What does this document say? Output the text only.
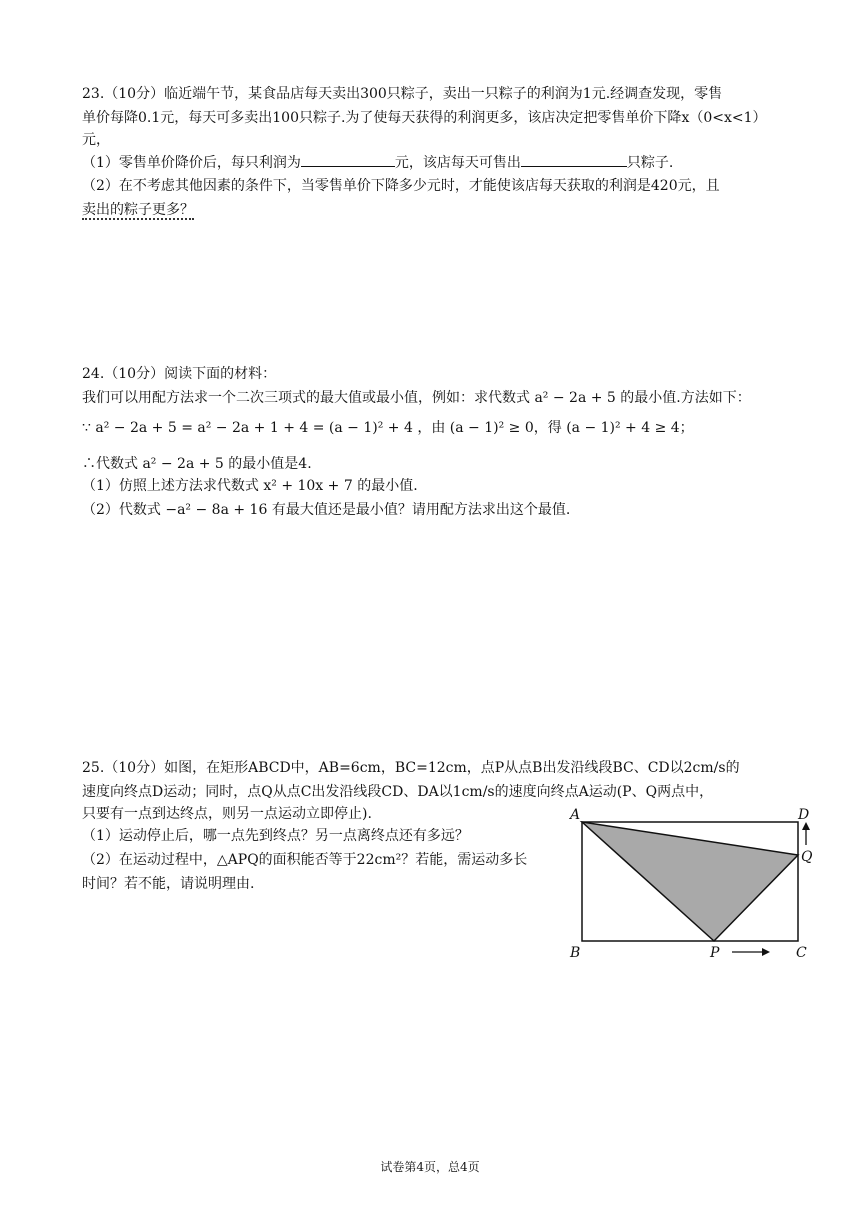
23.（10分）临近端午节，某食品店每天卖出300只粽子，卖出一只粽子的利润为1元.经调查发现，零售
单价每降0.1元，每天可多卖出100只粽子.为了使每天获得的利润更多，该店决定把零售单价下降x（0<x<1）
元，
（1）零售单价降价后，每只利润为	元，该店每天可售出	只粽子.
（2）在不考虑其他因素的条件下，当零售单价下降多少元时，才能使该店每天获取的利润是420元，且
卖出的粽子更多？
24.（10分）阅读下面的材料：
我们可以用配方法求一个二次三项式的最大值或最小值，例如：求代数式 a² − 2a + 5 的最小值.方法如下：
∵ a² − 2a + 5 = a² − 2a + 1 + 4 = (a − 1)² + 4 ，由 (a − 1)² ≥ 0，得 (a − 1)² + 4 ≥ 4；
∴代数式 a² − 2a + 5 的最小值是4.
（1）仿照上述方法求代数式 x² + 10x + 7 的最小值.
（2）代数式 −a² − 8a + 16 有最大值还是最小值？请用配方法求出这个最值.
25.（10分）如图，在矩形ABCD中，AB=6cm，BC=12cm，点P从点B出发沿线段BC、CD以2cm/s的
速度向终点D运动；同时，点Q从点C出发沿线段CD、DA以1cm/s的速度向终点A运动(P、Q两点中，
只要有一点到达终点，则另一点运动立即停止).
（1）运动停止后，哪一点先到终点？另一点离终点还有多远？
（2）在运动过程中，△APQ的面积能否等于22cm²？若能，需运动多长
时间？若不能，请说明理由.
A	D
B	C
P
Q
试卷第4页，总4页
